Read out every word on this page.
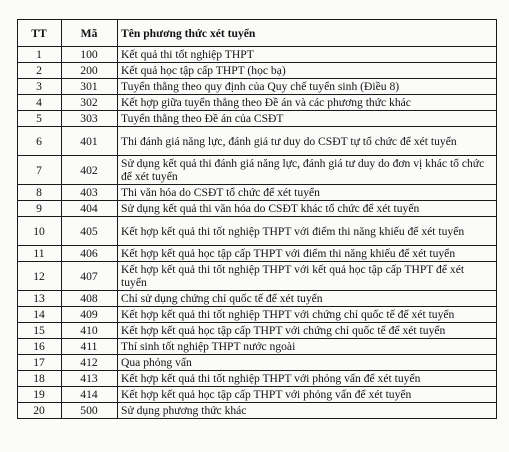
TT	Mã	Tên phương thức xét tuyển
1	100	Kết quả thi tốt nghiệp THPT
2	200	Kết quả học tập cấp THPT (học bạ)
3	301	Tuyển thẳng theo quy định của Quy chế tuyển sinh (Điều 8)
4	302	Kết hợp giữa tuyển thẳng theo Đề án và các phương thức khác
5	303	Tuyển thẳng theo Đề án của CSĐT
6	401	Thi đánh giá năng lực, đánh giá tư duy do CSĐT tự tổ chức để xét tuyển
7	402	Sử dụng kết quả thi đánh giá năng lực, đánh giá tư duy do đơn vị khác tổ chức để xét tuyển
8	403	Thi văn hóa do CSĐT tổ chức để xét tuyển
9	404	Sử dụng kết quả thi văn hóa do CSĐT khác tổ chức để xét tuyển
10	405	Kết hợp kết quả thi tốt nghiệp THPT với điểm thi năng khiếu để xét tuyển
11	406	Kết hợp kết quả học tập cấp THPT với điểm thi năng khiếu để xét tuyển
12	407	Kết hợp kết quả thi tốt nghiệp THPT với kết quả học tập cấp THPT để xét tuyển
13	408	Chỉ sử dụng chứng chỉ quốc tế để xét tuyển
14	409	Kết hợp kết quả thi tốt nghiệp THPT với chứng chỉ quốc tế để xét tuyển
15	410	Kết hợp kết quả học tập cấp THPT với chứng chỉ quốc tế để xét tuyển
16	411	Thí sinh tốt nghiệp THPT nước ngoài
17	412	Qua phỏng vấn
18	413	Kết hợp kết quả thi tốt nghiệp THPT với phỏng vấn để xét tuyển
19	414	Kết hợp kết quả học tập cấp THPT với phỏng vấn để xét tuyển
20	500	Sử dụng phương thức khác
